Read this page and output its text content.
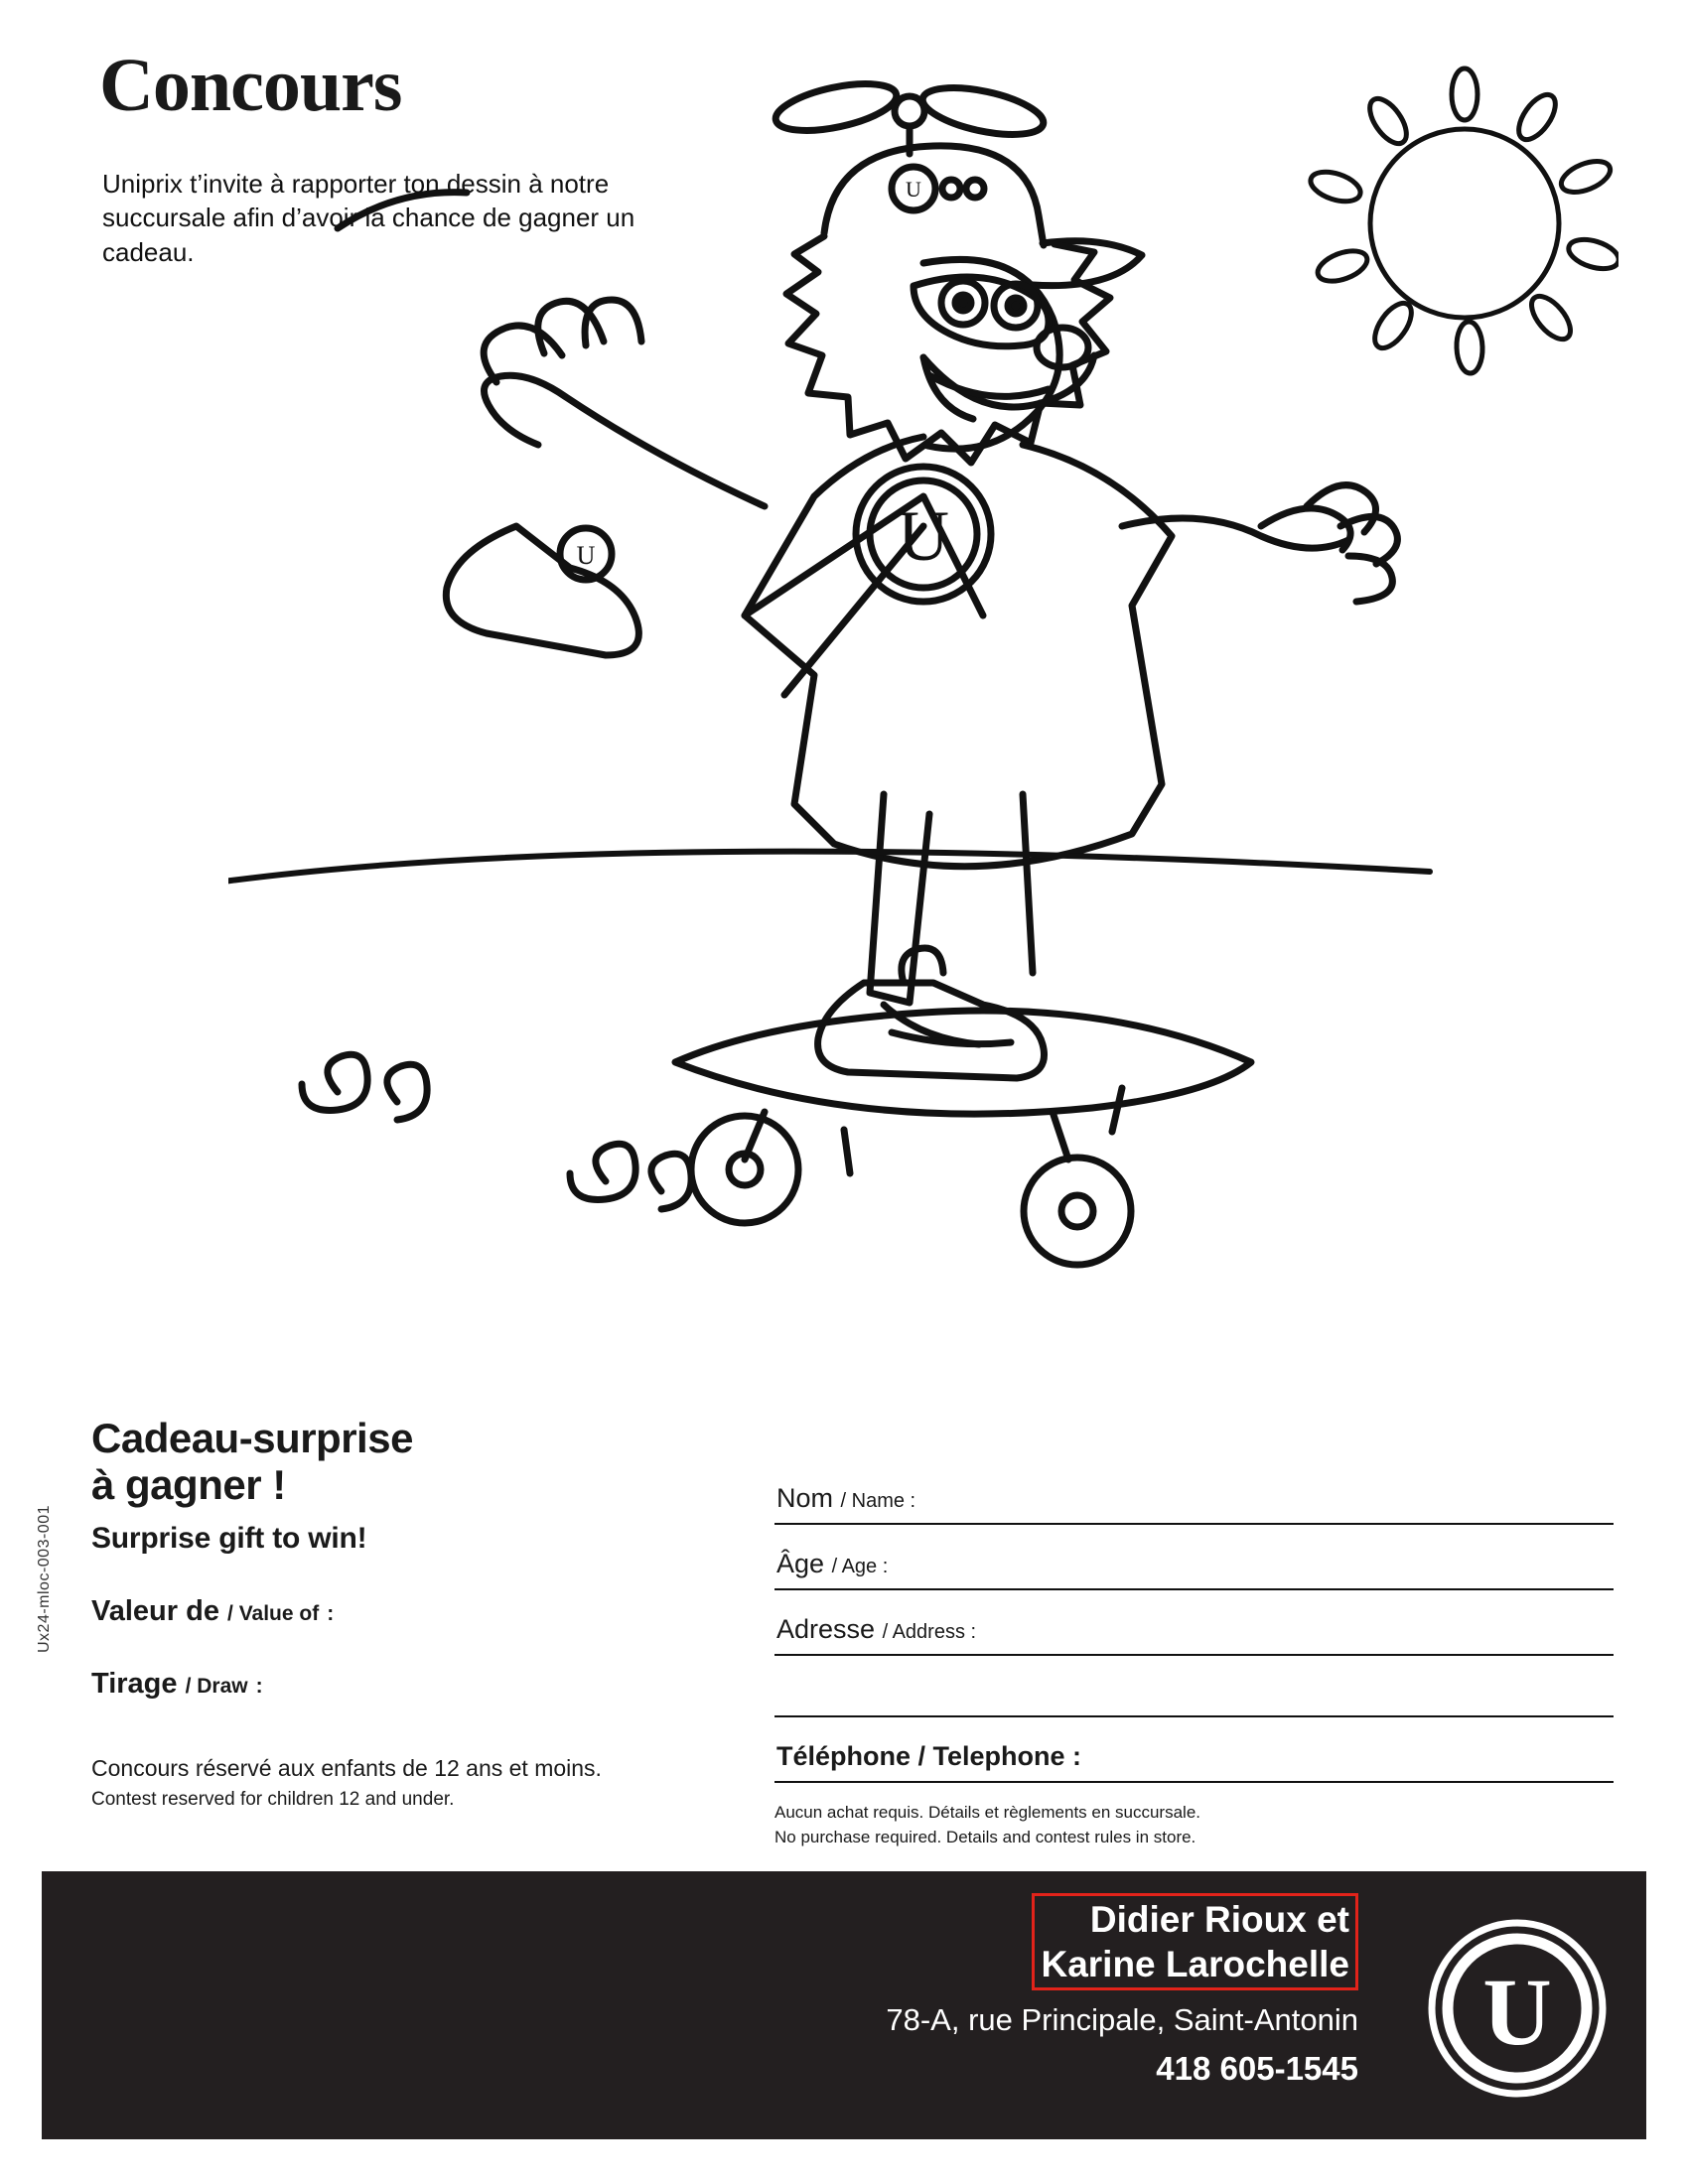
Concours
Uniprix t’invite à rapporter ton dessin à notre succursale afin d’avoir la chance de gagner un cadeau.
U
U
U
Cadeau-surprise
à gagner !
Surprise gift to win!
Valeur de / Value of :
Tirage / Draw :
Concours réservé aux enfants de 12 ans et moins.
Contest reserved for children 12 and under.
Ux24-mloc-003-001
Nom / Name :
Âge / Age :
Adresse / Address :
Téléphone / Telephone :
Aucun achat requis. Détails et règlements en succursale.
No purchase required. Details and contest rules in store.
Didier Rioux et
Karine Larochelle
78-A, rue Principale, Saint-Antonin
418 605-1545
U
